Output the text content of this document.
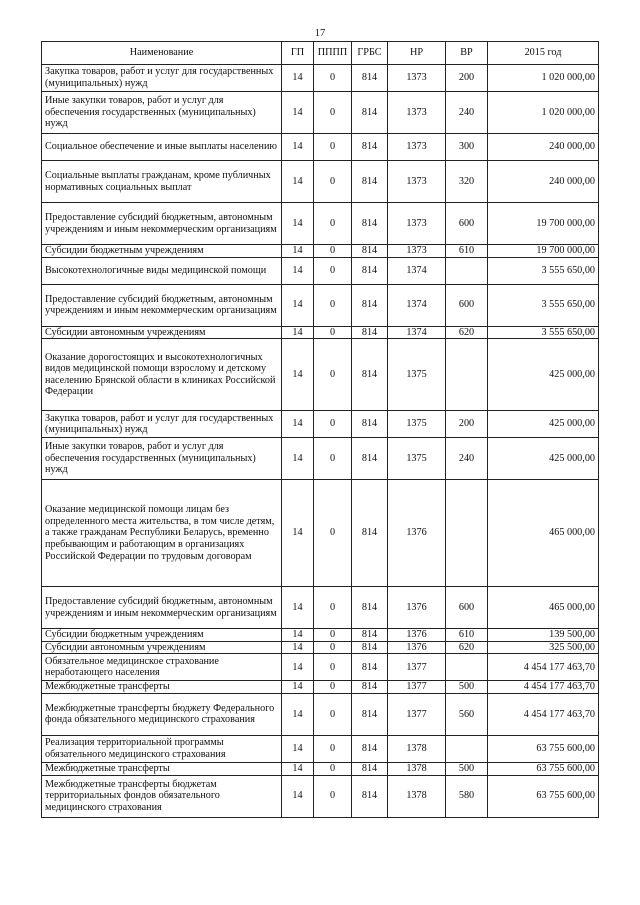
17
Наименование	ГП	ПППП	ГРБС	НР	ВР	2015 год
Закупка товаров, работ и услуг для государственных (муниципальных) нужд	14	0	814	1373	200	1 020 000,00
Иные закупки товаров, работ и услуг для обеспечения государственных (муниципальных) нужд	14	0	814	1373	240	1 020 000,00
Социальное обеспечение и иные выплаты населению	14	0	814	1373	300	240 000,00
Социальные выплаты гражданам, кроме публичных нормативных социальных выплат	14	0	814	1373	320	240 000,00
Предоставление субсидий бюджетным, автономным учреждениям и иным некоммерческим организациям	14	0	814	1373	600	19 700 000,00
Субсидии бюджетным учреждениям	14	0	814	1373	610	19 700 000,00
Высокотехнологичные виды медицинской помощи	14	0	814	1374		3 555 650,00
Предоставление субсидий бюджетным, автономным учреждениям и иным некоммерческим организациям	14	0	814	1374	600	3 555 650,00
Субсидии автономным учреждениям	14	0	814	1374	620	3 555 650,00
Оказание дорогостоящих и высокотехнологичных видов медицинской помощи взрослому и детскому населению Брянской области в клиниках Российской Федерации	14	0	814	1375		425 000,00
Закупка товаров, работ и услуг для государственных (муниципальных) нужд	14	0	814	1375	200	425 000,00
Иные закупки товаров, работ и услуг для обеспечения государственных (муниципальных) нужд	14	0	814	1375	240	425 000,00
Оказание медицинской помощи лицам без определенного места жительства, в том числе детям, а также гражданам Республики Беларусь, временно пребывающим и работающим в организациях Российской Федерации по трудовым договорам	14	0	814	1376		465 000,00
Предоставление субсидий бюджетным, автономным учреждениям и иным некоммерческим организациям	14	0	814	1376	600	465 000,00
Субсидии бюджетным учреждениям	14	0	814	1376	610	139 500,00
Субсидии автономным учреждениям	14	0	814	1376	620	325 500,00
Обязательное медицинское страхование неработающего населения	14	0	814	1377		4 454 177 463,70
Межбюджетные трансферты	14	0	814	1377	500	4 454 177 463,70
Межбюджетные трансферты бюджету Федерального фонда обязательного медицинского страхования	14	0	814	1377	560	4 454 177 463,70
Реализация территориальной программы обязательного медицинского страхования	14	0	814	1378		63 755 600,00
Межбюджетные трансферты	14	0	814	1378	500	63 755 600,00
Межбюджетные трансферты бюджетам территориальных фондов обязательного медицинского страхования	14	0	814	1378	580	63 755 600,00
